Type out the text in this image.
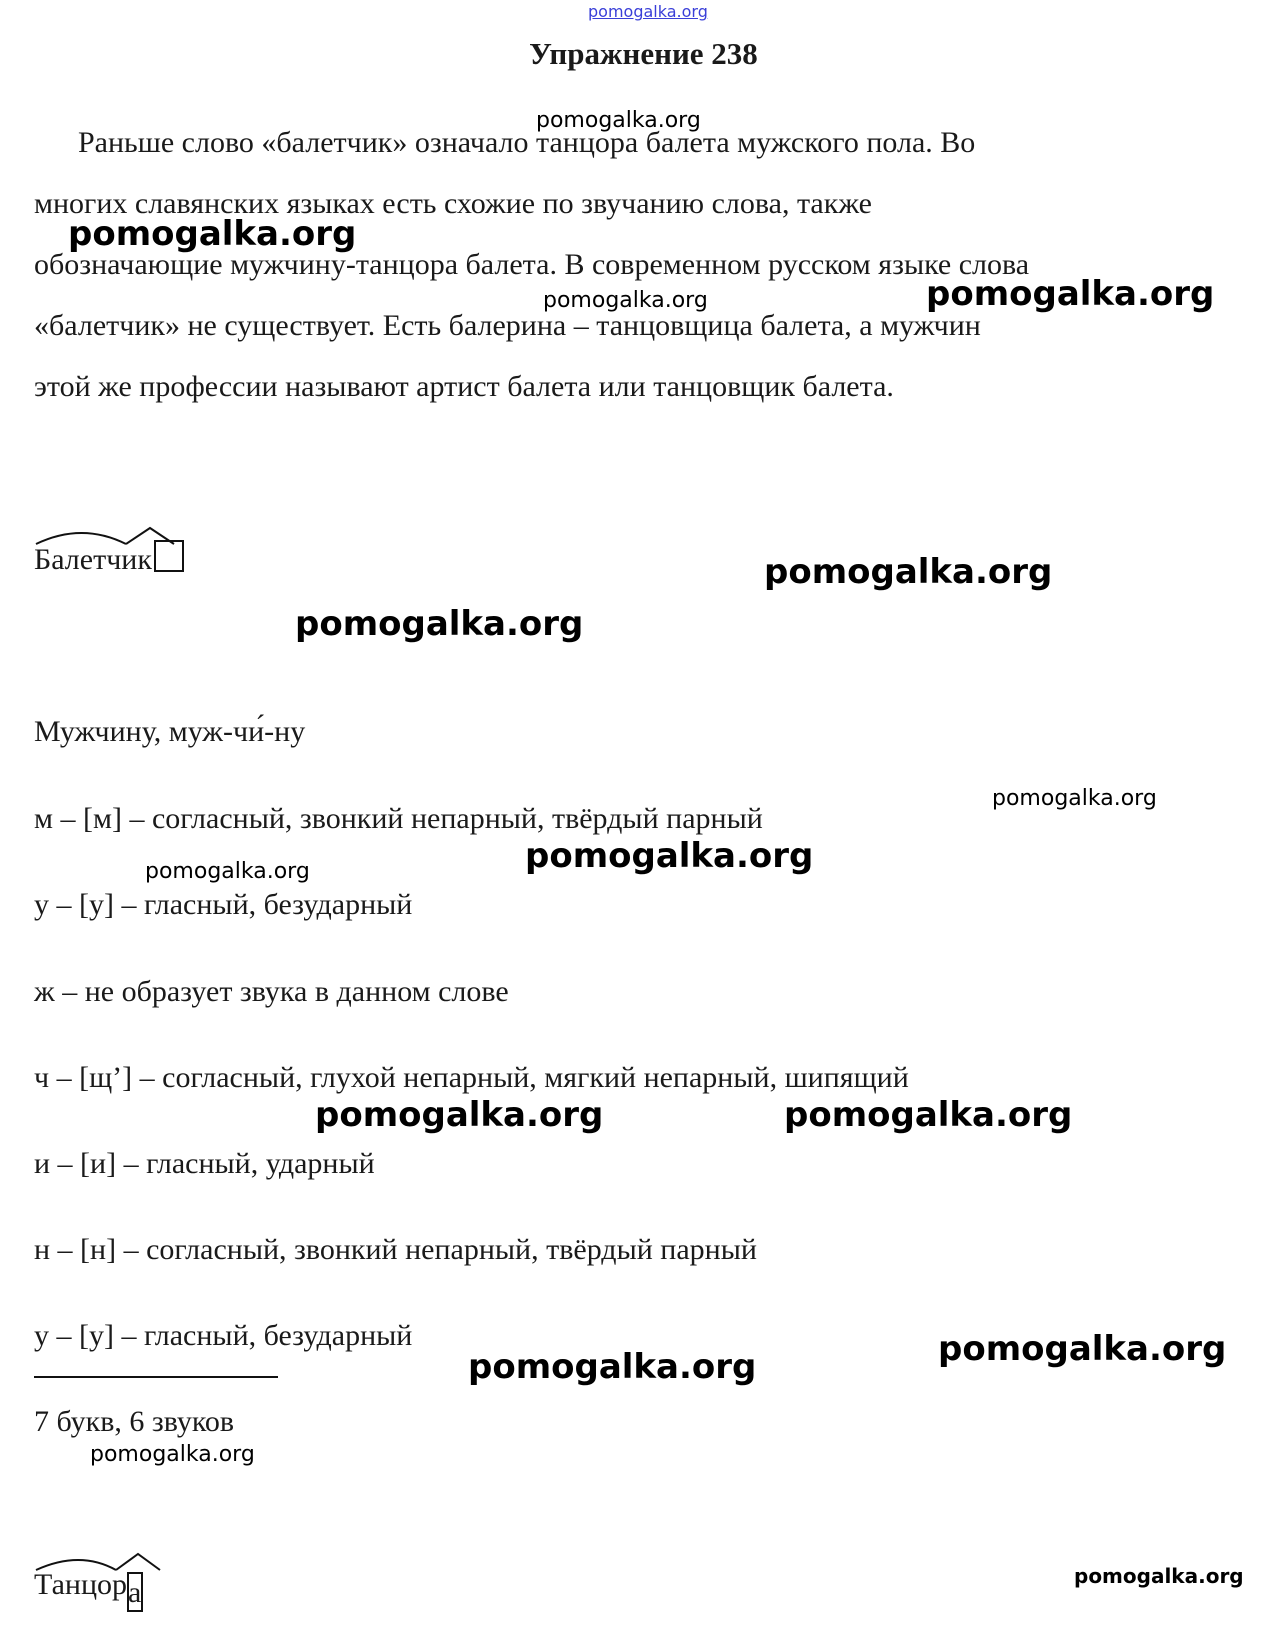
pomogalka.org
Упражнение 238
Раньше слово «балетчик» означало танцора балета мужского пола. Во
многих славянских языках есть схожие по звучанию слова, также
обозначающие мужчину-танцора балета. В современном русском языке слова
«балетчик» не существует. Есть балерина – танцовщица балета, а мужчин
этой же профессии называют артист балета или танцовщик балета.
pomogalka.org
pomogalka.org
pomogalka.org	pomogalka.org
Балетчик	pomogalka.org
pomogalka.org
Мужчину, муж-чи́-ну
м – [м] – согласный, звонкий непарный, твёрдый парный
у – [у] – гласный, безударный
ж – не образует звука в данном слове
ч – [щ’] – согласный, глухой непарный, мягкий непарный, шипящий
и – [и] – гласный, ударный
н – [н] – согласный, звонкий непарный, твёрдый парный
у – [у] – гласный, безударный
pomogalka.org
pomogalka.org
pomogalka.org
pomogalka.org	pomogalka.org
pomogalka.org
pomogalka.org
7 букв, 6 звуков
pomogalka.org
Танцора	pomogalka.org
